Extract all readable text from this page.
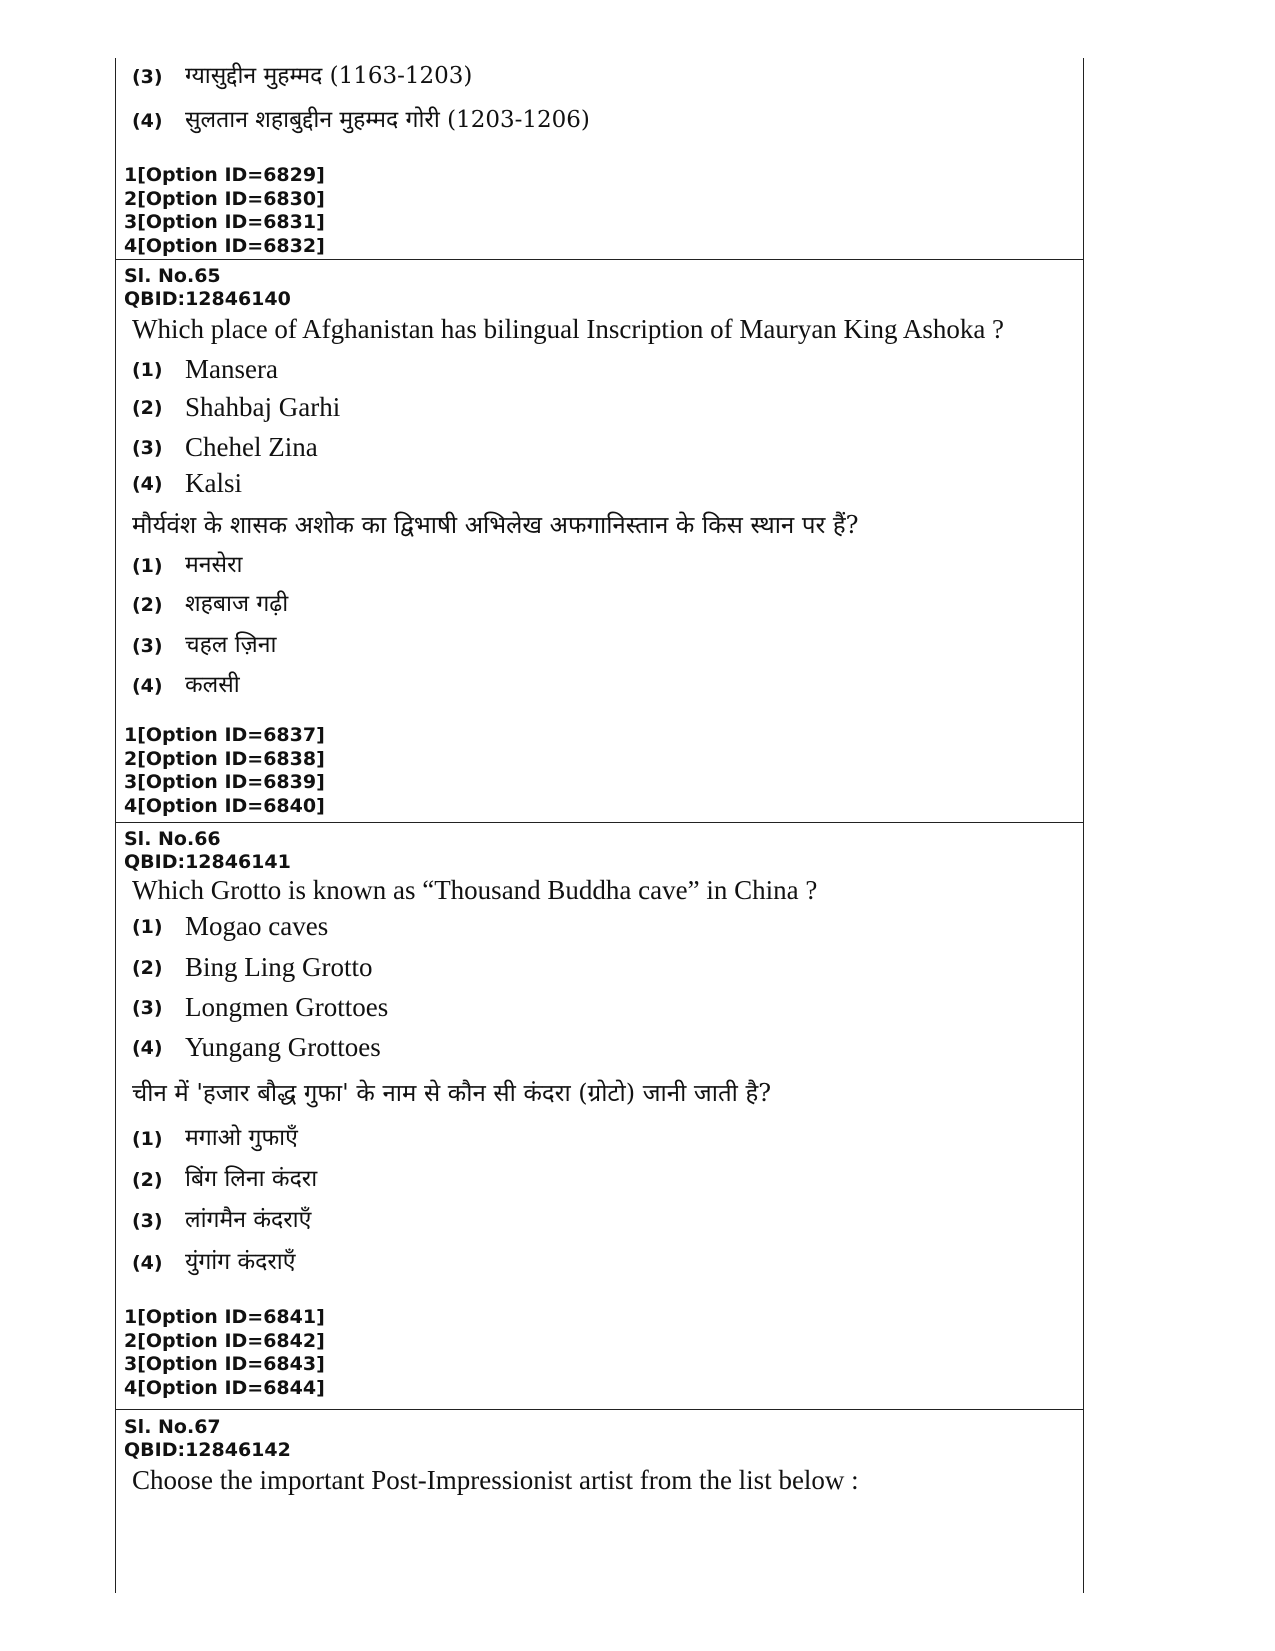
(3) ग्यासुद्दीन मुहम्मद (1163-1203)
(4) सुलतान शहाबुद्दीन मुहम्मद गोरी (1203-1206)
1[Option ID=6829]
2[Option ID=6830]
3[Option ID=6831]
4[Option ID=6832]
Sl. No.65
QBID:12846140
Which place of Afghanistan has bilingual Inscription of Mauryan King Ashoka ?
(1) Mansera
(2) Shahbaj Garhi
(3) Chehel Zina
(4) Kalsi
मौर्यवंश के शासक अशोक का द्विभाषी अभिलेख अफगानिस्तान के किस स्थान पर हैं?
(1) मनसेरा
(2) शहबाज गढ़ी
(3) चहल ज़िना
(4) कलसी
1[Option ID=6837]
2[Option ID=6838]
3[Option ID=6839]
4[Option ID=6840]
Sl. No.66
QBID:12846141
Which Grotto is known as “Thousand Buddha cave” in China ?
(1) Mogao caves
(2) Bing Ling Grotto
(3) Longmen Grottoes
(4) Yungang Grottoes
चीन में 'हजार बौद्ध गुफा' के नाम से कौन सी कंदरा (ग्रोटो) जानी जाती है?
(1) मगाओ गुफाएँ
(2) बिंग लिना कंदरा
(3) लांगमैन कंदराएँ
(4) युंगांग कंदराएँ
1[Option ID=6841]
2[Option ID=6842]
3[Option ID=6843]
4[Option ID=6844]
Sl. No.67
QBID:12846142
Choose the important Post-Impressionist artist from the list below :
